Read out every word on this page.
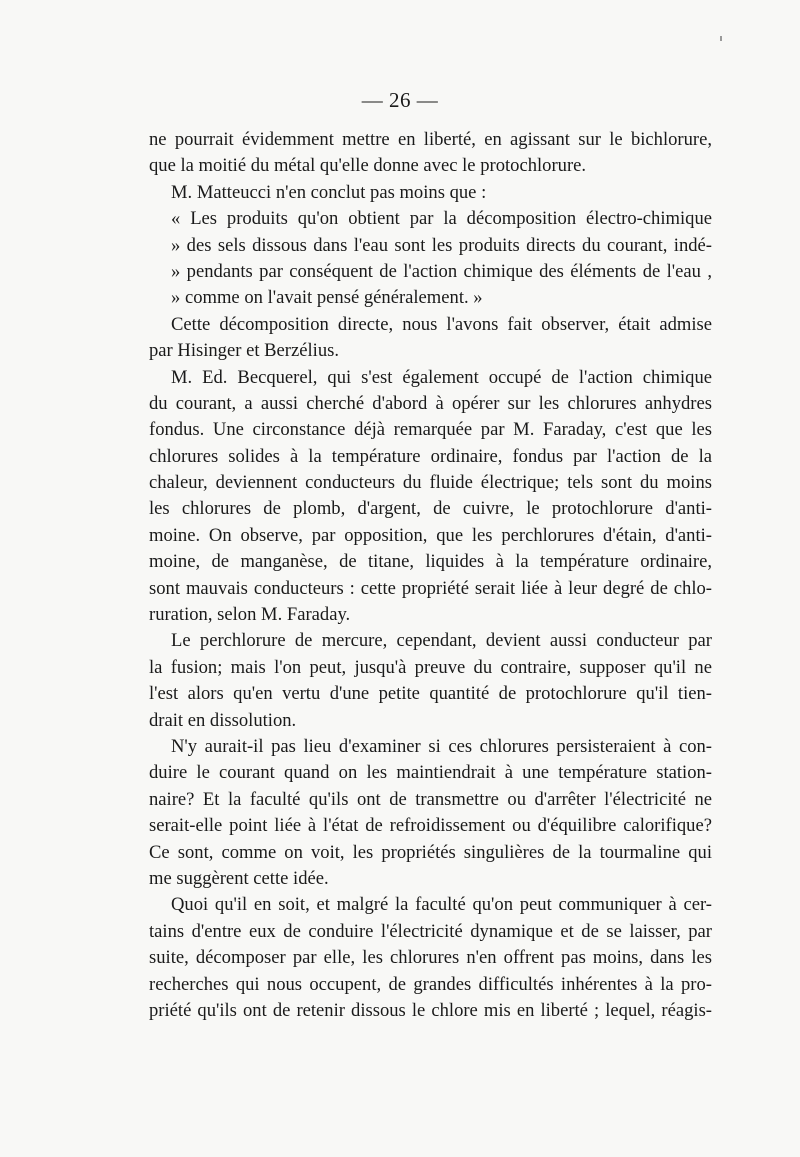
— 26 —
ne pourrait évidemment mettre en liberté, en agissant sur le bichlorure,
que la moitié du métal qu'elle donne avec le protochlorure.
M. Matteucci n'en conclut pas moins que :
« Les produits qu'on obtient par la décomposition électro-chimique
» des sels dissous dans l'eau sont les produits directs du courant, indé-
» pendants par conséquent de l'action chimique des éléments de l'eau ,
» comme on l'avait pensé généralement. »
Cette décomposition directe, nous l'avons fait observer, était admise
par Hisinger et Berzélius.
M. Ed. Becquerel, qui s'est également occupé de l'action chimique
du courant, a aussi cherché d'abord à opérer sur les chlorures anhydres
fondus. Une circonstance déjà remarquée par M. Faraday, c'est que les
chlorures solides à la température ordinaire, fondus par l'action de la
chaleur, deviennent conducteurs du fluide électrique; tels sont du moins
les chlorures de plomb, d'argent, de cuivre, le protochlorure d'anti-
moine. On observe, par opposition, que les perchlorures d'étain, d'anti-
moine, de manganèse, de titane, liquides à la température ordinaire,
sont mauvais conducteurs : cette propriété serait liée à leur degré de chlo-
ruration, selon M. Faraday.
Le perchlorure de mercure, cependant, devient aussi conducteur par
la fusion; mais l'on peut, jusqu'à preuve du contraire, supposer qu'il ne
l'est alors qu'en vertu d'une petite quantité de protochlorure qu'il tien-
drait en dissolution.
N'y aurait-il pas lieu d'examiner si ces chlorures persisteraient à con-
duire le courant quand on les maintiendrait à une température station-
naire? Et la faculté qu'ils ont de transmettre ou d'arrêter l'électricité ne
serait-elle point liée à l'état de refroidissement ou d'équilibre calorifique?
Ce sont, comme on voit, les propriétés singulières de la tourmaline qui
me suggèrent cette idée.
Quoi qu'il en soit, et malgré la faculté qu'on peut communiquer à cer-
tains d'entre eux de conduire l'électricité dynamique et de se laisser, par
suite, décomposer par elle, les chlorures n'en offrent pas moins, dans les
recherches qui nous occupent, de grandes difficultés inhérentes à la pro-
priété qu'ils ont de retenir dissous le chlore mis en liberté ; lequel, réagis-
